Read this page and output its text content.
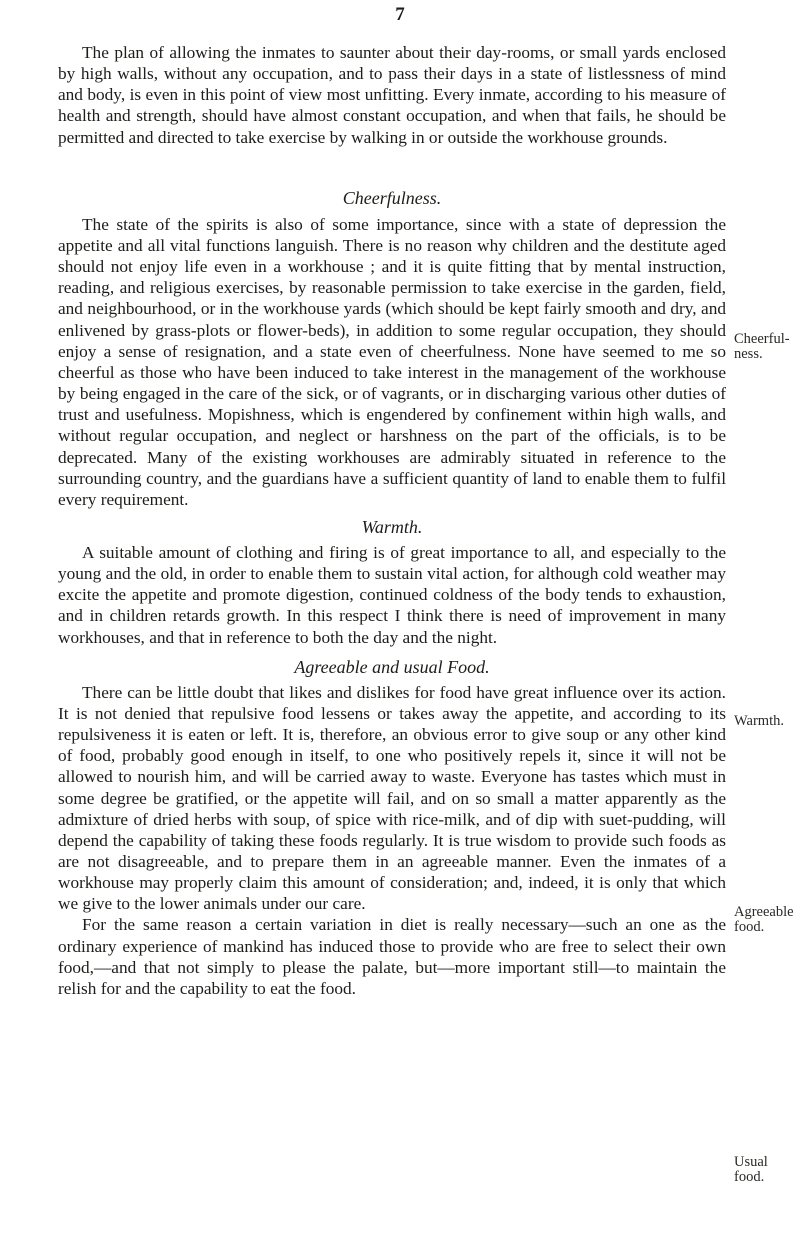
7

The plan of allowing the inmates to saunter about their day-rooms, or small yards enclosed by high walls, without any occupation, and to pass their days in a state of listlessness of mind and body, is even in this point of view most unfitting. Every inmate, according to his measure of health and strength, should have almost constant occupation, and when that fails, he should be permitted and directed to take exercise by walking in or outside the workhouse grounds.

Cheerfulness.

The state of the spirits is also of some importance, since with a state of depression the appetite and all vital functions languish. There is no reason why children and the destitute aged should not enjoy life even in a workhouse ; and it is quite fitting that by mental instruction, reading, and religious exercises, by reasonable permission to take exercise in the garden, field, and neighbourhood, or in the workhouse yards (which should be kept fairly smooth and dry, and enlivened by grass-plots or flower-beds), in addition to some regular occupation, they should enjoy a sense of resignation, and a state even of cheerfulness. None have seemed to me so cheerful as those who have been induced to take interest in the management of the workhouse by being engaged in the care of the sick, or of vagrants, or in discharging various other duties of trust and usefulness. Mopishness, which is engendered by confinement within high walls, and without regular occupation, and neglect or harshness on the part of the officials, is to be deprecated. Many of the existing workhouses are admirably situated in reference to the surrounding country, and the guardians have a sufficient quantity of land to enable them to fulfil every requirement.

Warmth.

A suitable amount of clothing and firing is of great importance to all, and especially to the young and the old, in order to enable them to sustain vital action, for although cold weather may excite the appetite and promote digestion, continued coldness of the body tends to exhaustion, and in children retards growth. In this respect I think there is need of improvement in many workhouses, and that in reference to both the day and the night.

Agreeable and usual Food.

There can be little doubt that likes and dislikes for food have great influence over its action. It is not denied that repulsive food lessens or takes away the appetite, and according to its repulsiveness it is eaten or left. It is, therefore, an obvious error to give soup or any other kind of food, probably good enough in itself, to one who positively repels it, since it will not be allowed to nourish him, and will be carried away to waste. Everyone has tastes which must in some degree be gratified, or the appetite will fail, and on so small a matter apparently as the admixture of dried herbs with soup, of spice with rice-milk, and of dip with suet-pudding, will depend the capability of taking these foods regularly. It is true wisdom to provide such foods as are not disagreeable, and to prepare them in an agreeable manner. Even the inmates of a workhouse may properly claim this amount of consideration; and, indeed, it is only that which we give to the lower animals under our care.

For the same reason a certain variation in diet is really necessary—such an one as the ordinary experience of mankind has induced those to provide who are free to select their own food,—and that not simply to please the palate, but—more important still—to maintain the relish for and the capability to eat the food.

Cheerful-
ness.
Warmth.
Agreeable
food.
Usual food.
